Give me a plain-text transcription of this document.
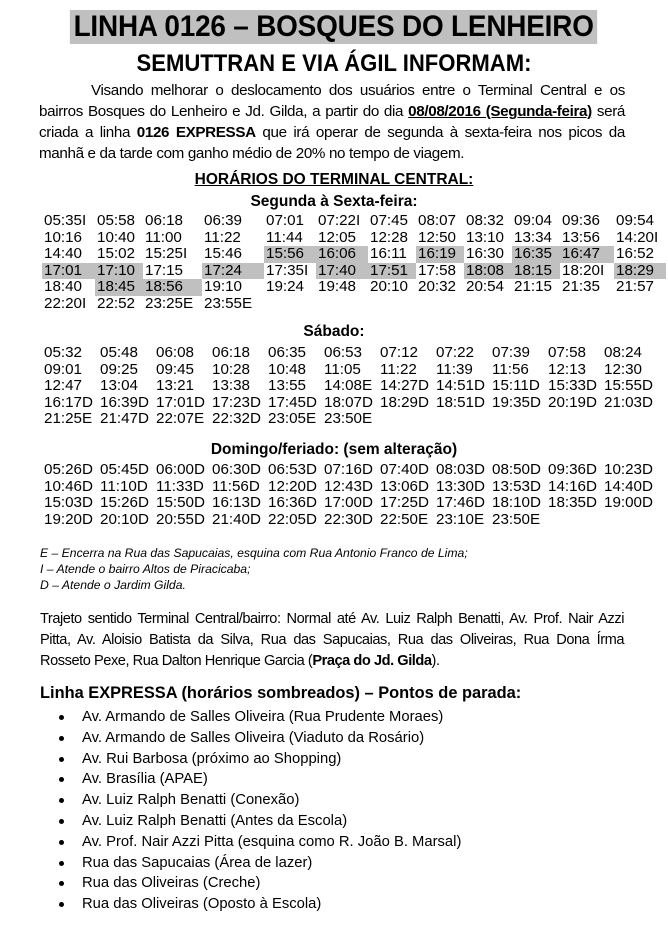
LINHA 0126 – BOSQUES DO LENHEIRO
SEMUTTRAN E VIA ÁGIL INFORMAM:
Visando melhorar o deslocamento dos usuários entre o Terminal Central e os bairros Bosques do Lenheiro e Jd. Gilda, a partir do dia 08/08/2016 (Segunda-feira) será criada a linha 0126 EXPRESSA que irá operar de segunda à sexta-feira nos picos da manhã e da tarde com ganho médio de 20% no tempo de viagem.
HORÁRIOS DO TERMINAL CENTRAL:
Segunda à Sexta-feira:
05:35I 05:58 06:18	06:39	07:01 07:22I 07:45 08:07 08:32 09:04 09:36	09:54
10:16 10:40 11:00	11:22	11:44 12:05 12:28 12:50 13:10 13:34 13:56	14:20I
14:40 15:02 15:25I	15:46	15:56 16:06 16:11 16:19 16:30 16:35 16:47	16:52
17:01 17:10 17:15	17:24	17:35I 17:40 17:51 17:58 18:08 18:15 18:20I 18:29
18:40 18:45 18:56	19:10	19:24 19:48 20:10 20:32 20:54 21:15 21:35	21:57
22:20I 22:52 23:25E 23:55E
Sábado:
05:32	05:48	06:08	06:18	06:35	06:53	07:12	07:22	07:39	07:58	08:24
09:01	09:25	09:45	10:28	10:48	11:05	11:22	11:39	11:56	12:13	12:30
12:47	13:04	13:21	13:38	13:55	14:08E 14:27D 14:51D 15:11D 15:33D 15:55D
16:17D 16:39D 17:01D 17:23D 17:45D 18:07D 18:29D 18:51D 19:35D 20:19D 21:03D
21:25E 21:47D 22:07E 22:32D 23:05E 23:50E
Domingo/feriado: (sem alteração)
05:26D 05:45D 06:00D 06:30D 06:53D 07:16D 07:40D 08:03D 08:50D 09:36D 10:23D
10:46D 11:10D 11:33D 11:56D 12:20D 12:43D 13:06D 13:30D 13:53D 14:16D 14:40D
15:03D 15:26D 15:50D 16:13D 16:36D 17:00D 17:25D 17:46D 18:10D 18:35D 19:00D
19:20D 20:10D 20:55D 21:40D 22:05D 22:30D 22:50E 23:10E 23:50E
E – Encerra na Rua das Sapucaias, esquina com Rua Antonio Franco de Lima;
I – Atende o bairro Altos de Piracicaba;
D – Atende o Jardim Gilda.
Trajeto sentido Terminal Central/bairro: Normal até Av. Luiz Ralph Benatti, Av. Prof. Nair Azzi Pitta, Av. Aloisio Batista da Silva, Rua das Sapucaias, Rua das Oliveiras, Rua Dona Írma Rosseto Pexe, Rua Dalton Henrique Garcia (Praça do Jd. Gilda).
Linha EXPRESSA (horários sombreados) – Pontos de parada:
Av. Armando de Salles Oliveira (Rua Prudente Moraes)
Av. Armando de Salles Oliveira (Viaduto da Rosário)
Av. Rui Barbosa (próximo ao Shopping)
Av. Brasília (APAE)
Av. Luiz Ralph Benatti (Conexão)
Av. Luiz Ralph Benatti (Antes da Escola)
Av. Prof. Nair Azzi Pitta (esquina como R. João B. Marsal)
Rua das Sapucaias (Área de lazer)
Rua das Oliveiras (Creche)
Rua das Oliveiras (Oposto à Escola)
